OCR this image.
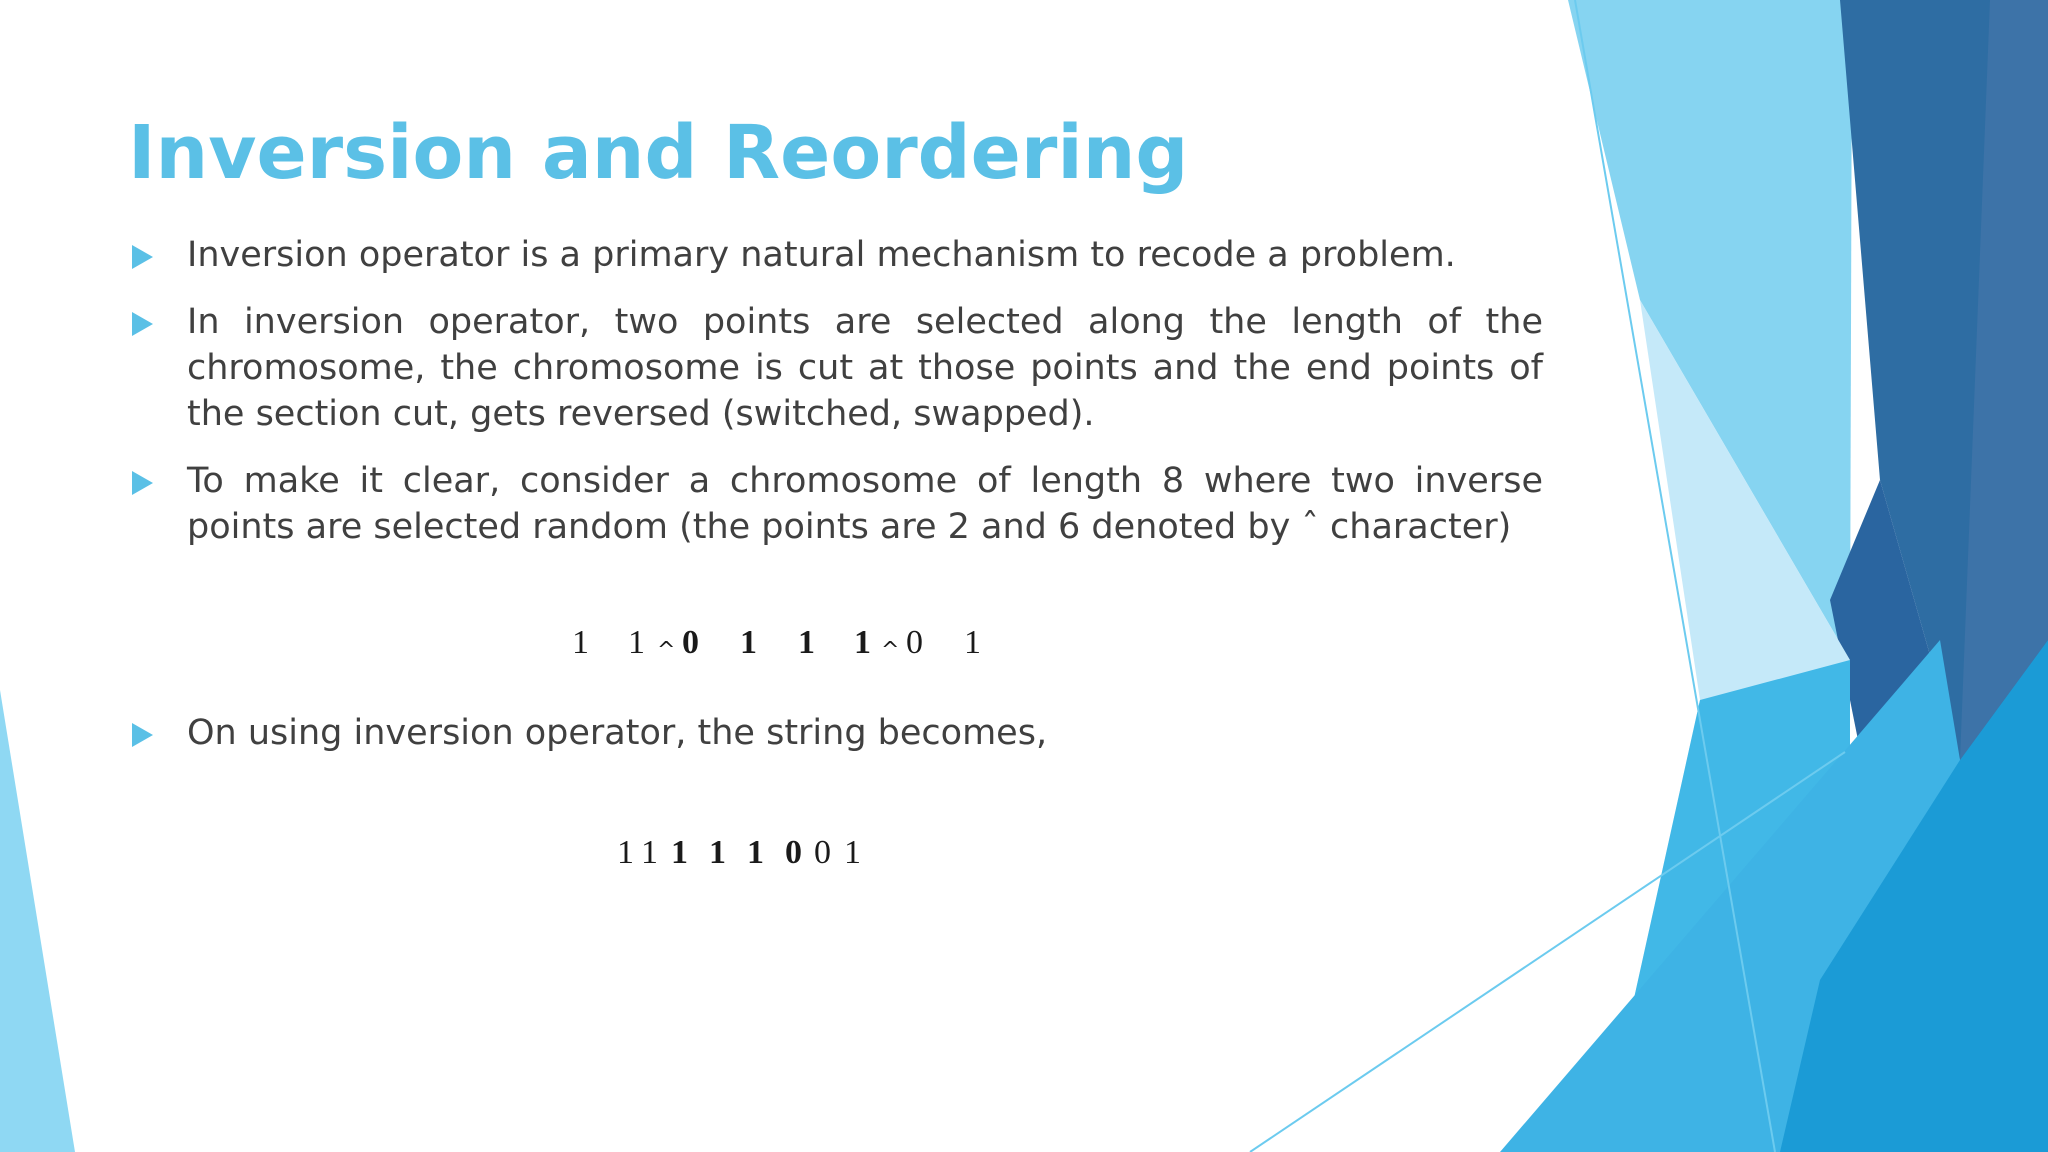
Inversion and Reordering
Inversion operator is a primary natural mechanism to recode a problem.
In inversion operator, two points are selected along the length of the chromosome, the chromosome is cut at those points and the end points of the section cut, gets reversed (switched, swapped).
To make it clear, consider a chromosome of length 8 where two inverse points are selected random (the points are 2 and 6 denoted by ˆ character)
1 1 0 1 1 1 0 1
^	^
On using inversion operator, the string becomes,
1 1 1 1 1 0 0 1
